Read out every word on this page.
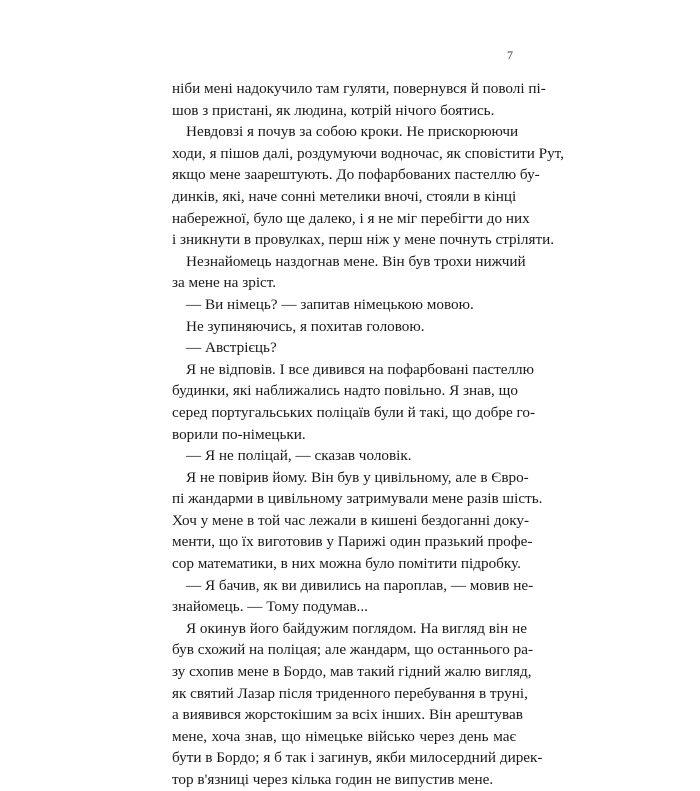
7
ніби мені надокучило там гуляти, повернувся й поволі пі-
шов з пристані, як людина, котрій нічого боятись.
Невдовзі я почув за собою кроки. Не прискорюючи
ходи, я пішов далі, роздумуючи водночас, як сповістити Рут,
якщо мене заарештують. До пофарбованих пастеллю бу-
динків, які, наче сонні метелики вночі, стояли в кінці
набережної, було ще далеко, і я не міг перебігти до них
і зникнути в провулках, перш ніж у мене почнуть стріляти.
Незнайомець наздогнав мене. Він був трохи нижчий
за мене на зріст.
— Ви німець? — запитав німецькою мовою.
Не зупиняючись, я похитав головою.
— Австрієць?
Я не відповів. І все дивився на пофарбовані пастеллю
будинки, які наближались надто повільно. Я знав, що
серед португальських поліцаїв були й такі, що добре го-
ворили по-німецьки.
— Я не поліцай, — сказав чоловік.
Я не повірив йому. Він був у цивільному, але в Євро-
пі жандарми в цивільному затримували мене разів шість.
Хоч у мене в той час лежали в кишені бездоганні доку-
менти, що їх виготовив у Парижі один празький профе-
сор математики, в них можна було помітити підробку.
— Я бачив, як ви дивились на пароплав, — мовив не-
знайомець. — Тому подумав...
Я окинув його байдужим поглядом. На вигляд він не
був схожий на поліцая; але жандарм, що останнього ра-
зу схопив мене в Бордо, мав такий гідний жалю вигляд,
як святий Лазар після триденного перебування в труні,
а виявився жорстокішим за всіх інших. Він арештував
мене, хоча знав, що німецьке військо через день має
бути в Бордо; я б так і загинув, якби милосердний дирек-
тор в'язниці через кілька годин не випустив мене.
